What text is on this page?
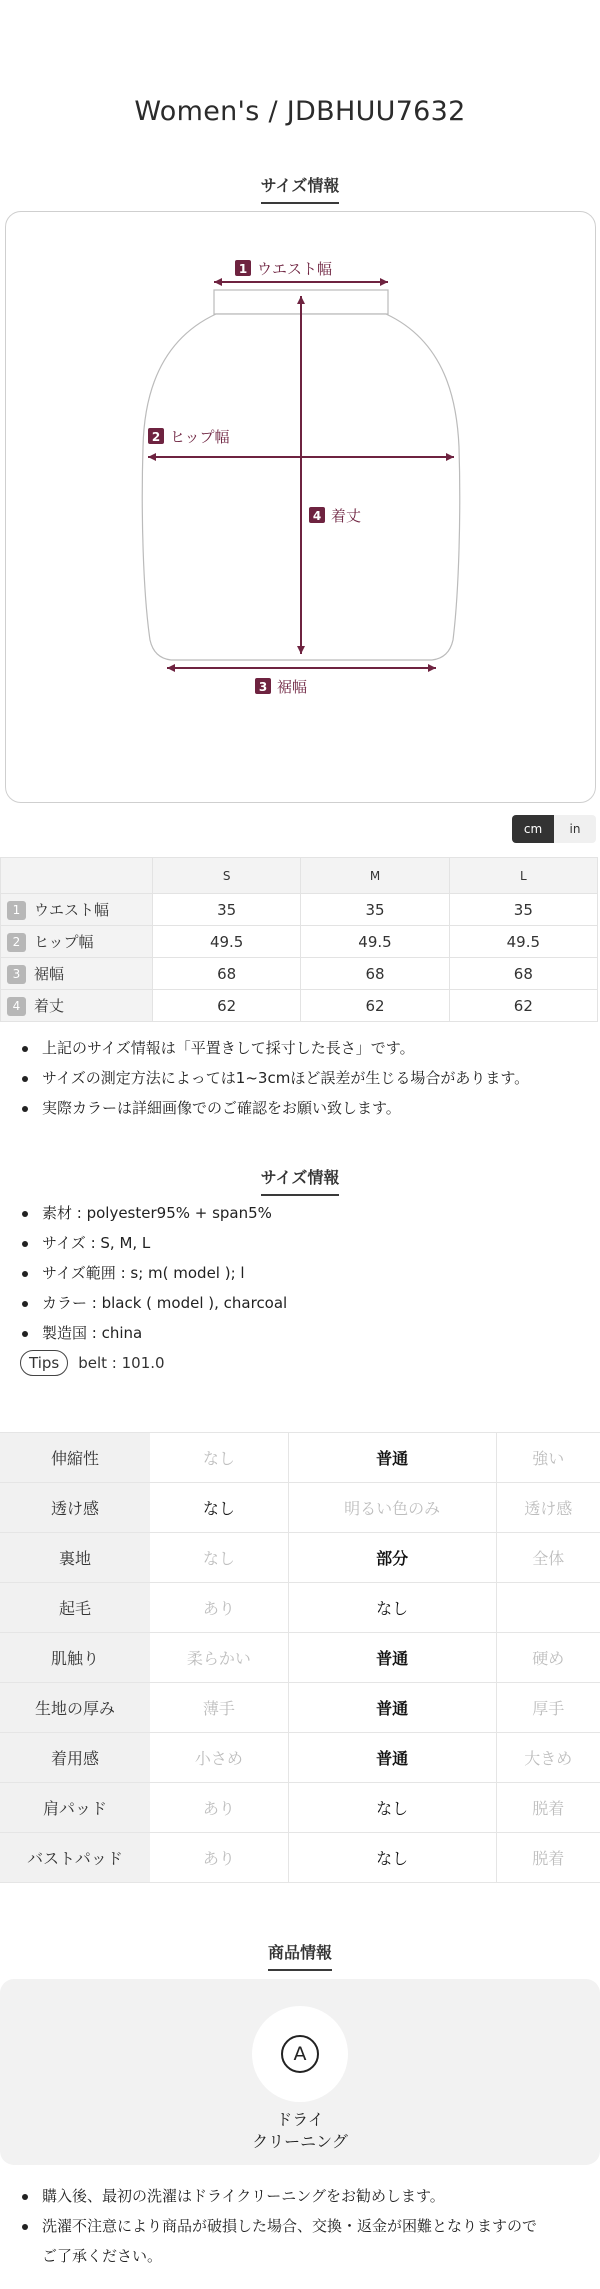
Women's / JDBHUU7632
サイズ情報
1 ウエスト幅
2 ヒップ幅
4 着丈
3 裾幅
cm	in
	S	M	L
1 ウエスト幅	35	35	35
2 ヒップ幅	49.5	49.5	49.5
3 裾幅	68	68	68
4 着丈	62	62	62
上記のサイズ情報は「平置きして採寸した長さ」です。
サイズの測定方法によっては1~3cmほど誤差が生じる場合があります。
実際カラーは詳細画像でのご確認をお願い致します。
サイズ情報
素材 : polyester95% + span5%
サイズ : S, M, L
サイズ範囲 : s; m( model ); l
カラー : black ( model ), charcoal
製造国 : china
Tips	belt : 101.0
伸縮性	なし	普通	強い
透け感	なし	明るい色のみ	透け感
裏地	なし	部分	全体
起毛	あり	なし	
肌触り	柔らかい	普通	硬め
生地の厚み	薄手	普通	厚手
着用感	小さめ	普通	大きめ
肩パッド	あり	なし	脱着
バストパッド	あり	なし	脱着
商品情報
A
ドライ
クリーニング
購入後、最初の洗濯はドライクリーニングをお勧めします。
洗濯不注意により商品が破損した場合、交換・返金が困難となりますので
ご了承ください。
